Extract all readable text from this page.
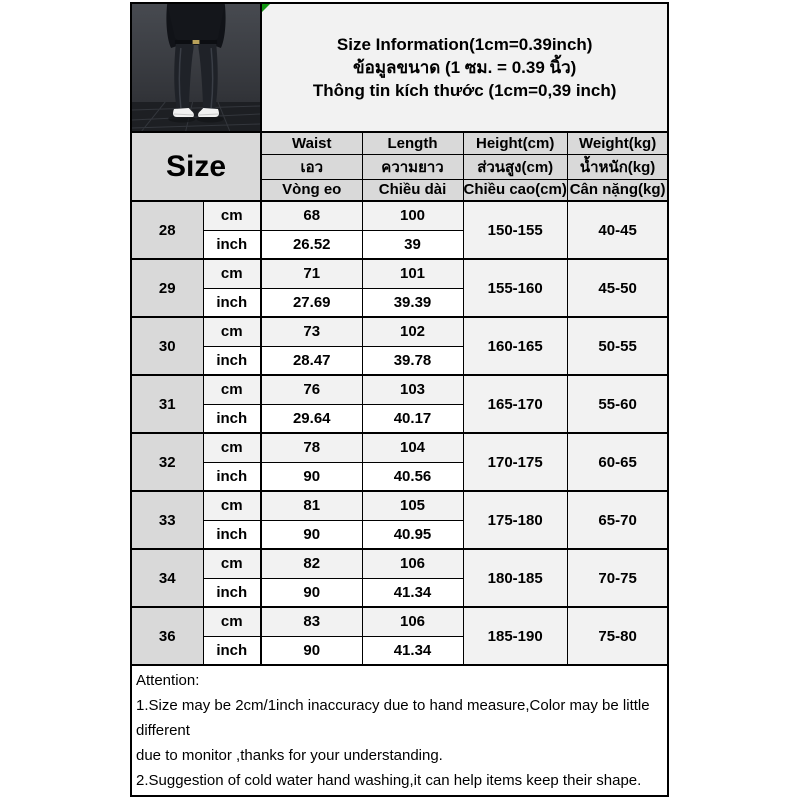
Size Information(1cm=0.39inch)
ข้อมูลขนาด (1 ซม. = 0.39 นิ้ว)
Thông tin kích thước (1cm=0,39 inch)			

Size		Waist	Length	Height(cm)	Weight(kg)
		เอว	ความยาว	ส่วนสูง(cm)	น้ำหนัก(kg)
		Vòng eo	Chiều dài	Chiều cao(cm)	Cân nặng(kg)
28	cm	68	100	150-155	40-45
	inch	26.52	39		
29	cm	71	101	155-160	45-50
	inch	27.69	39.39		
30	cm	73	102	160-165	50-55
	inch	28.47	39.78		
31	cm	76	103	165-170	55-60
	inch	29.64	40.17		
32	cm	78	104	170-175	60-65
	inch	90	40.56		
33	cm	81	105	175-180	65-70
	inch	90	40.95		
34	cm	82	106	180-185	70-75
	inch	90	41.34		
36	cm	83	106	185-190	75-80
	inch	90	41.34		

Attention:
1.Size may be 2cm/1inch inaccuracy due to hand measure,Color may be little different
due to monitor ,thanks for your understanding.
2.Suggestion of cold water hand washing,it can help items keep their shape.					
